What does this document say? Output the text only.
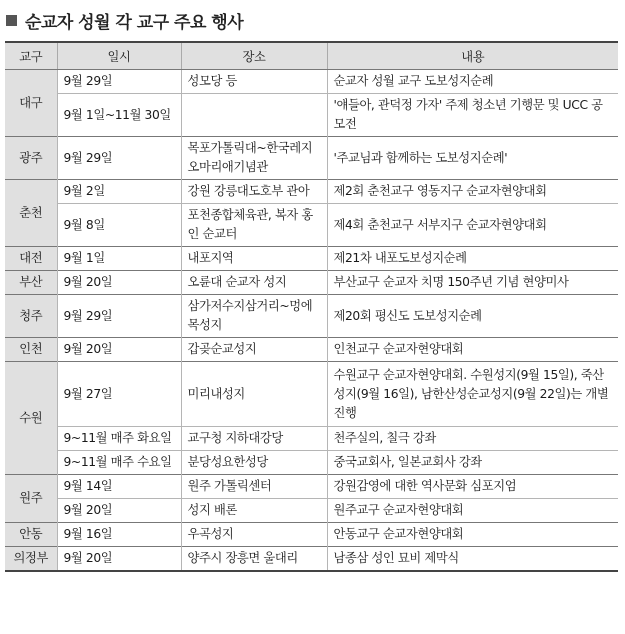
순교자 성월 각 교구 주요 행사
교구	일시	장소	내용
대구	9월 29일	성모당 등	순교자 성월 교구 도보성지순례
	9월 1일~11월 30일		'얘들아, 관덕정 가자' 주제 청소년 기행문 및 UCC 공모전
광주	9월 29일	목포가톨릭대~한국레지오마리애기념관	'주교님과 함께하는 도보성지순례'
춘천	9월 2일	강원 강릉대도호부 관아	제2회 춘천교구 영동지구 순교자현양대회
	9월 8일	포천종합체육관, 복자 홍인 순교터	제4회 춘천교구 서부지구 순교자현양대회
대전	9월 1일	내포지역	제21차 내포도보성지순례
부산	9월 20일	오륜대 순교자 성지	부산교구 순교자 치명 150주년 기념 현양미사
청주	9월 29일	삼가저수지삼거리~멍에목성지	제20회 평신도 도보성지순례
인천	9월 20일	갑곶순교성지	인천교구 순교자현양대회
수원	9월 27일	미리내성지	수원교구 순교자현양대회. 수원성지(9월 15일), 죽산성지(9월 16일), 남한산성순교성지(9월 22일)는 개별 진행
	9~11월 매주 화요일	교구청 지하대강당	천주실의, 칠극 강좌
	9~11월 매주 수요일	분당성요한성당	중국교회사, 일본교회사 강좌
원주	9월 14일	원주 가톨릭센터	강원감영에 대한 역사문화 심포지엄
	9월 20일	성지 배론	원주교구 순교자현양대회
안동	9월 16일	우곡성지	안동교구 순교자현양대회
의정부	9월 20일	양주시 장흥면 울대리	남종삼 성인 묘비 제막식
